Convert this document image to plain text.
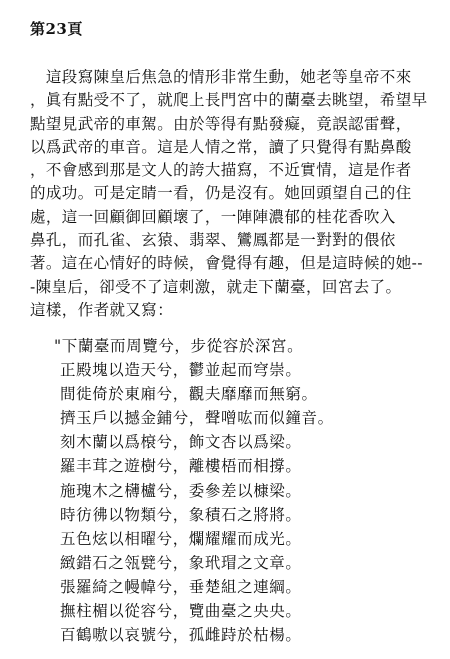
第23頁
　這段寫陳皇后焦急的情形非常生動，她老等皇帝不來
，眞有點受不了，就爬上長門宮中的蘭臺去眺望，希望早
點望見武帝的車駕。由於等得有點發癡，竟誤認雷聲，
以爲武帝的車音。這是人情之常，讀了只覺得有點鼻酸
，不會感到那是文人的誇大描寫，不近實情，這是作者
的成功。可是定睛一看，仍是沒有。她回頭望自己的住
處，這一回顧御回顧壞了，一陣陣濃郁的桂花香吹入
鼻孔，而孔雀、玄猿、翡翠、鸞鳳都是一對對的偎依
著。這在心情好的時候，會覺得有趣，但是這時候的她--
-陳皇后，卻受不了這刺激，就走下蘭臺，回宮去了。
這樣，作者就又寫：
"下蘭臺而周覽兮，步從容於深宮。
正殿塊以造天兮，鬱並起而穹崇。
間徙倚於東廂兮，觀夫靡靡而無窮。
擠玉戶以撼金鋪兮，聲噌吰而似鐘音。
刻木蘭以爲榱兮，飾文杏以爲梁。
羅丰茸之遊樹兮，離樓梧而相撐。
施瑰木之欂櫨兮，委參差以槺梁。
時彷彿以物類兮，象積石之將將。
五色炫以相曜兮，爛耀耀而成光。
緻錯石之瓴甓兮，象玳瑁之文章。
張羅綺之幔幃兮，垂楚組之連綱。
撫柱楣以從容兮，覽曲臺之央央。
百鶴嗷以哀號兮，孤雌跱於枯楊。
